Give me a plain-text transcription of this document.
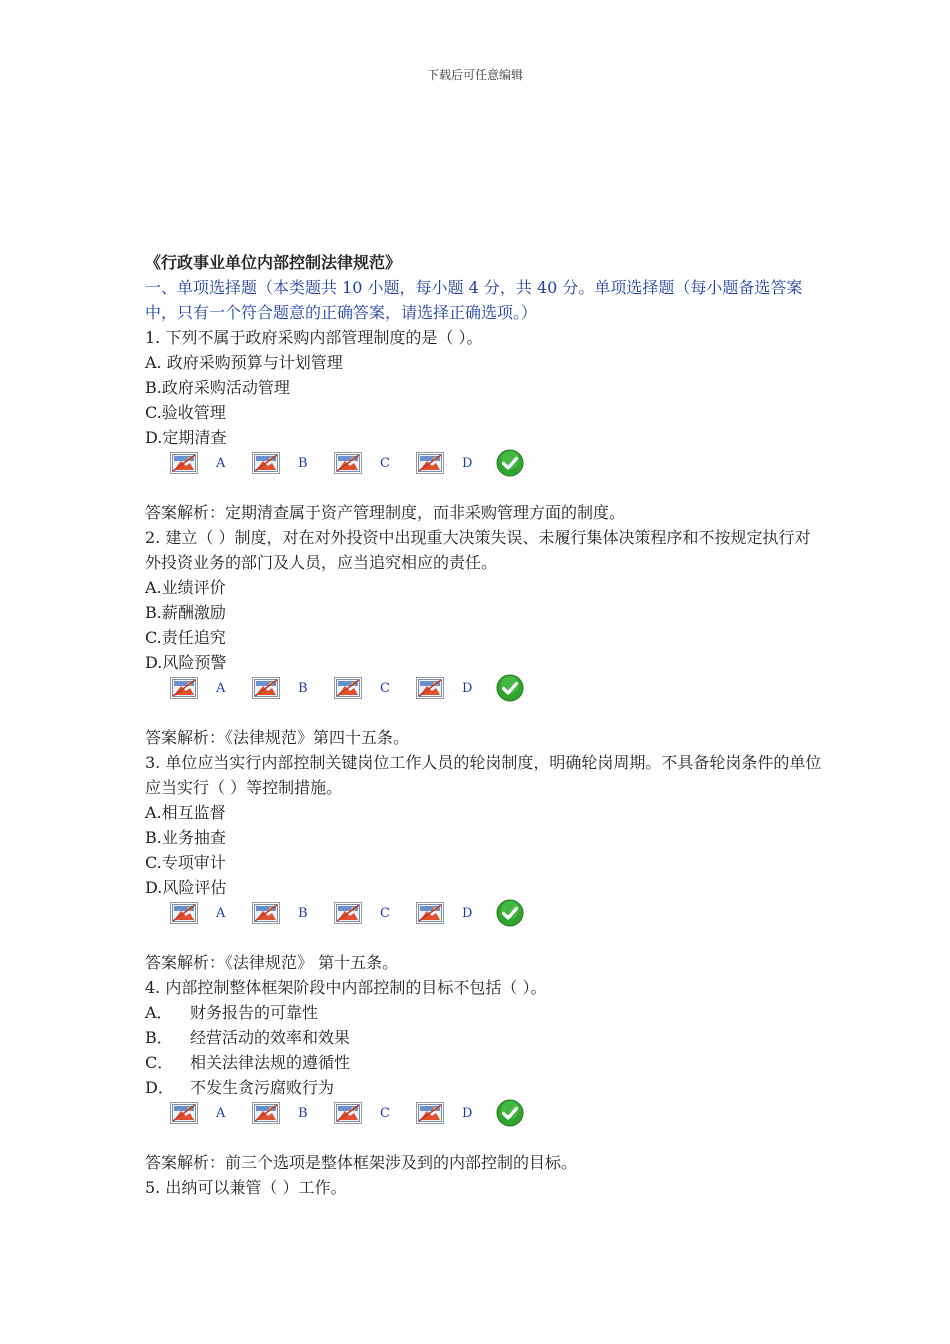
下载后可任意编辑
《行政事业单位内部控制法律规范》
一、单项选择题（本类题共 10 小题，每小题 4 分，共 40 分。单项选择题（每小题备选答案中，只有一个符合题意的正确答案，请选择正确选项。）
1. 下列不属于政府采购内部管理制度的是（ ）。
A. 政府采购预算与计划管理
B.政府采购活动管理
C.验收管理
D.定期清查
A	B	C	D
答案解析：定期清查属于资产管理制度，而非采购管理方面的制度。
2. 建立（ ）制度，对在对外投资中出现重大决策失误、未履行集体决策程序和不按规定执行对外投资业务的部门及人员，应当追究相应的责任。
A.业绩评价
B.薪酬激励
C.责任追究
D.风险预警
A	B	C	D
答案解析：《法律规范》第四十五条。
3. 单位应当实行内部控制关键岗位工作人员的轮岗制度，明确轮岗周期。不具备轮岗条件的单位应当实行（ ）等控制措施。
A.相互监督
B.业务抽查
C.专项审计
D.风险评估
A	B	C	D
答案解析：《法律规范》 第十五条。
4. 内部控制整体框架阶段中内部控制的目标不包括（ ）。
A． 财务报告的可靠性
B． 经营活动的效率和效果
C． 相关法律法规的遵循性
D． 不发生贪污腐败行为
A	B	C	D
答案解析：前三个选项是整体框架涉及到的内部控制的目标。
5. 出纳可以兼管（ ）工作。
